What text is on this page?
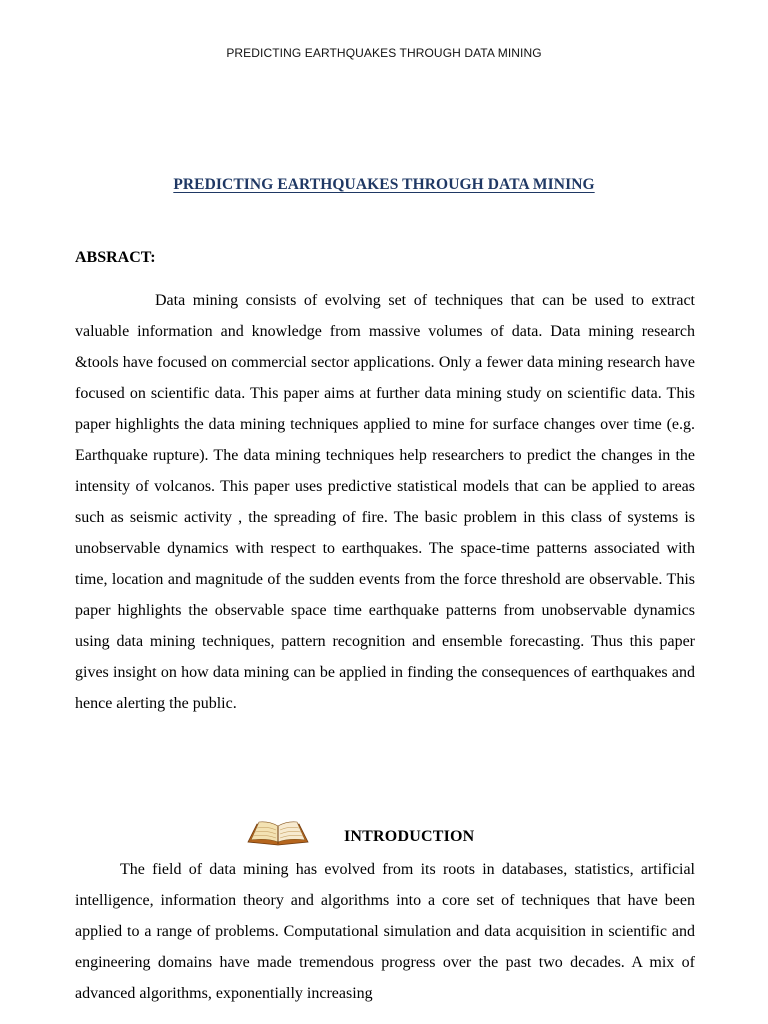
PREDICTING EARTHQUAKES THROUGH DATA MINING
PREDICTING EARTHQUAKES THROUGH DATA MINING
ABSRACT:

Data mining consists of evolving set of techniques that can be used to extract valuable information and knowledge from massive volumes of data. Data mining research &tools have focused on commercial sector applications. Only a fewer data mining research have focused on scientific data. This paper aims at further data mining study on scientific data. This paper highlights the data mining techniques applied to mine for surface changes over time (e.g. Earthquake rupture). The data mining techniques help researchers to predict the changes in the intensity of volcanos. This paper uses predictive statistical models that can be applied to areas such as seismic activity , the spreading of fire. The basic problem in this class of systems is unobservable dynamics with respect to earthquakes. The space-time patterns associated with time, location and magnitude of the sudden events from the force threshold are observable. This paper highlights the observable space time earthquake patterns from unobservable dynamics using data mining techniques, pattern recognition and ensemble forecasting. Thus this paper gives insight on how data mining can be applied in finding the consequences of earthquakes and hence alerting the public.

INTRODUCTION

The field of data mining has evolved from its roots in databases, statistics, artificial intelligence, information theory and algorithms into a core set of techniques that have been applied to a range of problems. Computational simulation and data acquisition in scientific and engineering domains have made tremendous progress over the past two decades. A mix of advanced algorithms, exponentially increasing
